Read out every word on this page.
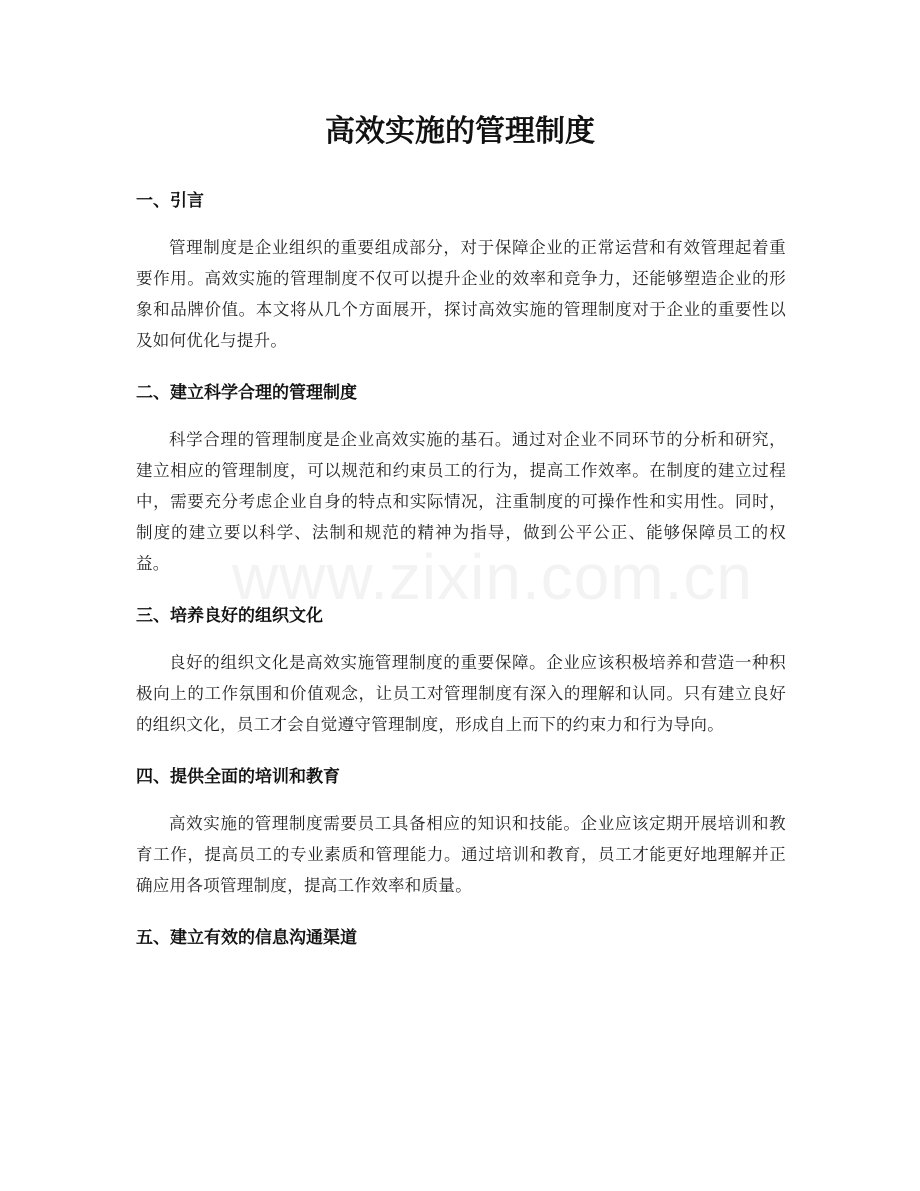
www.zixin.com.cn
高效实施的管理制度
一、引言

管理制度是企业组织的重要组成部分，对于保障企业的正常运营和有效管理起着重要作用。高效实施的管理制度不仅可以提升企业的效率和竞争力，还能够塑造企业的形象和品牌价值。本文将从几个方面展开，探讨高效实施的管理制度对于企业的重要性以及如何优化与提升。

二、建立科学合理的管理制度

科学合理的管理制度是企业高效实施的基石。通过对企业不同环节的分析和研究，建立相应的管理制度，可以规范和约束员工的行为，提高工作效率。在制度的建立过程中，需要充分考虑企业自身的特点和实际情况，注重制度的可操作性和实用性。同时，制度的建立要以科学、法制和规范的精神为指导，做到公平公正、能够保障员工的权益。

三、培养良好的组织文化

良好的组织文化是高效实施管理制度的重要保障。企业应该积极培养和营造一种积极向上的工作氛围和价值观念，让员工对管理制度有深入的理解和认同。只有建立良好的组织文化，员工才会自觉遵守管理制度，形成自上而下的约束力和行为导向。

四、提供全面的培训和教育

高效实施的管理制度需要员工具备相应的知识和技能。企业应该定期开展培训和教育工作，提高员工的专业素质和管理能力。通过培训和教育，员工才能更好地理解并正确应用各项管理制度，提高工作效率和质量。

五、建立有效的信息沟通渠道
